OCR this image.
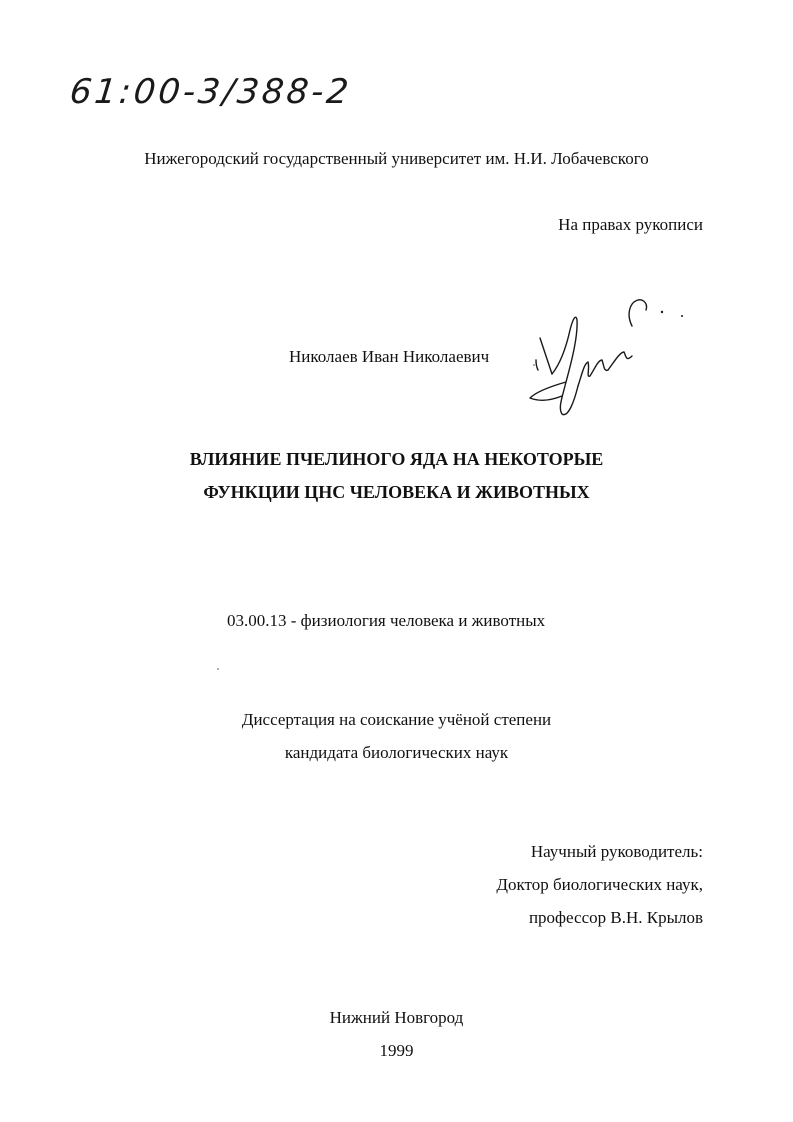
61:00-3/388-2
Нижегородский государственный университет им. Н.И. Лобачевского
На правах рукописи
Николаев Иван Николаевич
ВЛИЯНИЕ ПЧЕЛИНОГО ЯДА НА НЕКОТОРЫЕ
ФУНКЦИИ ЦНС ЧЕЛОВЕКА И ЖИВОТНЫХ
03.00.13 - физиология человека и животных
Диссертация на соискание учёной степени
кандидата биологических наук
Научный руководитель:
Доктор биологических наук,
профессор В.Н. Крылов
Нижний Новгород
1999
